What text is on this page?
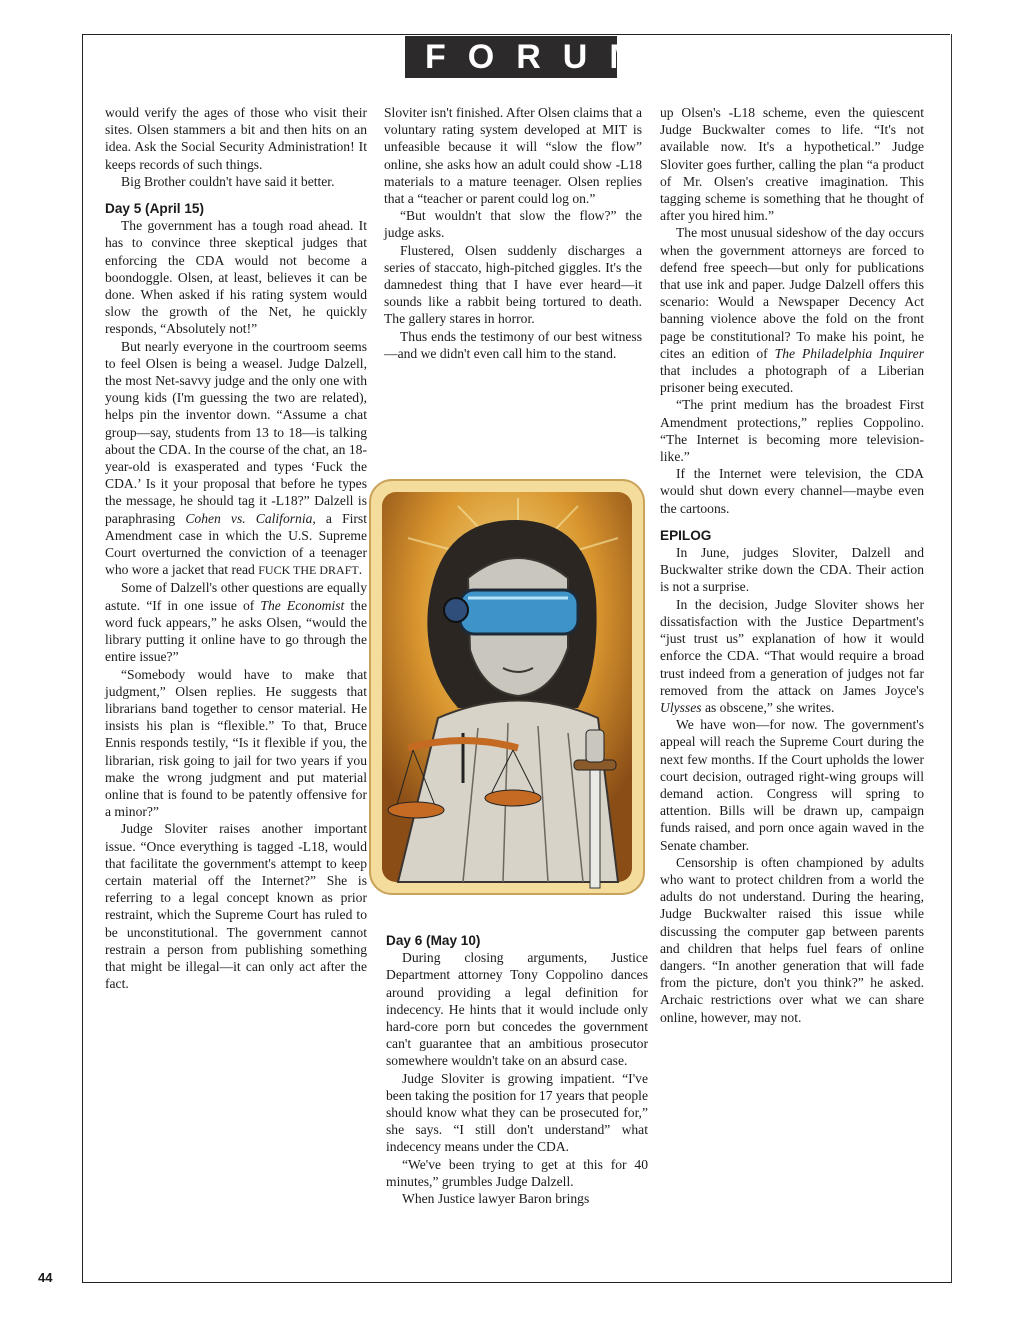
FORUM

would verify the ages of those who visit their sites. Olsen stammers a bit and then hits on an idea. Ask the Social Security Administration! It keeps records of such things.

Big Brother couldn't have said it better.

Day 5 (April 15)

The government has a tough road ahead. It has to convince three skeptical judges that enforcing the CDA would not become a boondoggle. Olsen, at least, believes it can be done. When asked if his rating system would slow the growth of the Net, he quickly responds, “Absolutely not!”

But nearly everyone in the courtroom seems to feel Olsen is being a weasel. Judge Dalzell, the most Net-savvy judge and the only one with young kids (I'm guessing the two are related), helps pin the inventor down. “Assume a chat group—say, students from 13 to 18—is talking about the CDA. In the course of the chat, an 18-year-old is exasperated and types ‘Fuck the CDA.’ Is it your proposal that before he types the message, he should tag it -L18?” Dalzell is paraphrasing Cohen vs. California, a First Amendment case in which the U.S. Supreme Court overturned the conviction of a teenager who wore a jacket that read FUCK THE DRAFT.

Some of Dalzell's other questions are equally astute. “If in one issue of The Economist the word fuck appears,” he asks Olsen, “would the library putting it online have to go through the entire issue?”

“Somebody would have to make that judgment,” Olsen replies. He suggests that librarians band together to censor material. He insists his plan is “flexible.” To that, Bruce Ennis responds testily, “Is it flexible if you, the librarian, risk going to jail for two years if you make the wrong judgment and put material online that is found to be patently offensive for a minor?”

Judge Sloviter raises another important issue. “Once everything is tagged -L18, would that facilitate the government's attempt to keep certain material off the Internet?” She is referring to a legal concept known as prior restraint, which the Supreme Court has ruled to be unconstitutional. The government cannot restrain a person from publishing something that might be illegal—it can only act after the fact.

Sloviter isn't finished. After Olsen claims that a voluntary rating system developed at MIT is unfeasible because it will “slow the flow” online, she asks how an adult could show -L18 materials to a mature teenager. Olsen replies that a “teacher or parent could log on.”

“But wouldn't that slow the flow?” the judge asks.

Flustered, Olsen suddenly discharges a series of staccato, high-pitched giggles. It's the damnedest thing that I have ever heard—it sounds like a rabbit being tortured to death. The gallery stares in horror.

Thus ends the testimony of our best witness—and we didn't even call him to the stand.

Day 6 (May 10)

During closing arguments, Justice Department attorney Tony Coppolino dances around providing a legal definition for indecency. He hints that it would include only hard-core porn but concedes the government can't guarantee that an ambitious prosecutor somewhere wouldn't take on an absurd case.

Judge Sloviter is growing impatient. “I've been taking the position for 17 years that people should know what they can be prosecuted for,” she says. “I still don't understand” what indecency means under the CDA.

“We've been trying to get at this for 40 minutes,” grumbles Judge Dalzell.

When Justice lawyer Baron brings

up Olsen's -L18 scheme, even the quiescent Judge Buckwalter comes to life. “It's not available now. It's a hypothetical.” Judge Sloviter goes further, calling the plan “a product of Mr. Olsen's creative imagination. This tagging scheme is something that he thought of after you hired him.”

The most unusual sideshow of the day occurs when the government attorneys are forced to defend free speech—but only for publications that use ink and paper. Judge Dalzell offers this scenario: Would a Newspaper Decency Act banning violence above the fold on the front page be constitutional? To make his point, he cites an edition of The Philadelphia Inquirer that includes a photograph of a Liberian prisoner being executed.

“The print medium has the broadest First Amendment protections,” replies Coppolino. “The Internet is becoming more television-like.”

If the Internet were television, the CDA would shut down every channel—maybe even the cartoons.

EPILOG

In June, judges Sloviter, Dalzell and Buckwalter strike down the CDA. Their action is not a surprise.

In the decision, Judge Sloviter shows her dissatisfaction with the Justice Department's “just trust us” explanation of how it would enforce the CDA. “That would require a broad trust indeed from a generation of judges not far removed from the attack on James Joyce's Ulysses as obscene,” she writes.

We have won—for now. The government's appeal will reach the Supreme Court during the next few months. If the Court upholds the lower court decision, outraged right-wing groups will demand action. Congress will spring to attention. Bills will be drawn up, campaign funds raised, and porn once again waved in the Senate chamber.

Censorship is often championed by adults who want to protect children from a world the adults do not understand. During the hearing, Judge Buckwalter raised this issue while discussing the computer gap between parents and children that helps fuel fears of online dangers. “In another generation that will fade from the picture, don't you think?” he asked. Archaic restrictions over what we can share online, however, may not.

44
